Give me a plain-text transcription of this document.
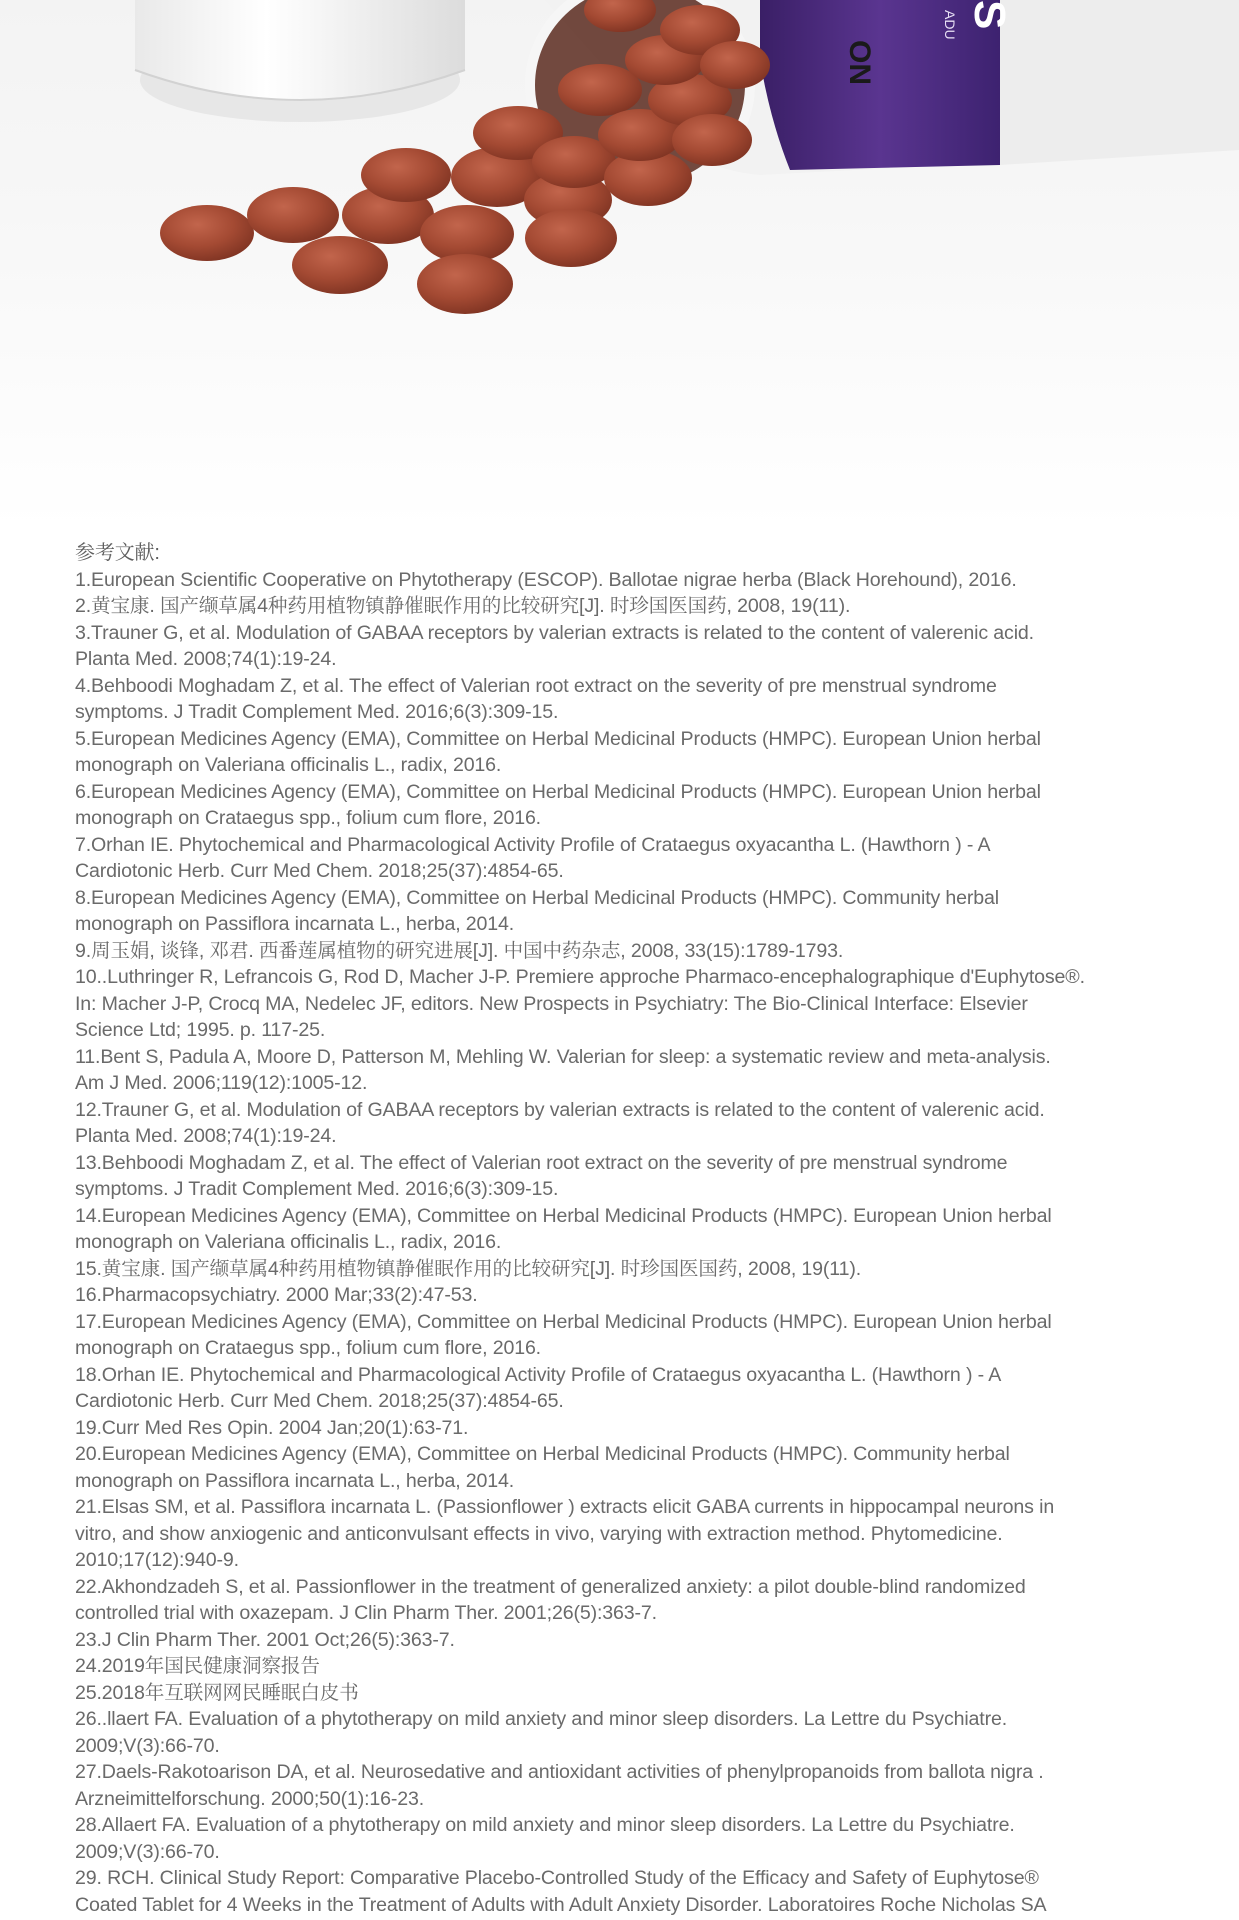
ON
ADU S
参考文献:
1.European Scientific Cooperative on Phytotherapy (ESCOP). Ballotae nigrae herba (Black Horehound), 2016.
2.黄宝康. 国产缬草属4种药用植物镇静催眠作用的比较研究[J]. 时珍国医国药, 2008, 19(11).
3.Trauner G, et al. Modulation of GABAA receptors by valerian extracts is related to the content of valerenic acid.
Planta Med. 2008;74(1):19-24.
4.Behboodi Moghadam Z, et al. The effect of Valerian root extract on the severity of pre menstrual syndrome
symptoms. J Tradit Complement Med. 2016;6(3):309-15.
5.European Medicines Agency (EMA), Committee on Herbal Medicinal Products (HMPC). European Union herbal
monograph on Valeriana officinalis L., radix, 2016.
6.European Medicines Agency (EMA), Committee on Herbal Medicinal Products (HMPC). European Union herbal
monograph on Crataegus spp., folium cum flore, 2016.
7.Orhan IE. Phytochemical and Pharmacological Activity Profile of Crataegus oxyacantha L. (Hawthorn ) - A
Cardiotonic Herb. Curr Med Chem. 2018;25(37):4854-65.
8.European Medicines Agency (EMA), Committee on Herbal Medicinal Products (HMPC). Community herbal
monograph on Passiflora incarnata L., herba, 2014.
9.周玉娟, 谈锋, 邓君. 西番莲属植物的研究进展[J]. 中国中药杂志, 2008, 33(15):1789-1793.
10..Luthringer R, Lefrancois G, Rod D, Macher J-P. Premiere approche Pharmaco-encephalographique d'Euphytose®.
In: Macher J-P, Crocq MA, Nedelec JF, editors. New Prospects in Psychiatry: The Bio-Clinical Interface: Elsevier
Science Ltd; 1995. p. 117-25.
11.Bent S, Padula A, Moore D, Patterson M, Mehling W. Valerian for sleep: a systematic review and meta-analysis.
Am J Med. 2006;119(12):1005-12.
12.Trauner G, et al. Modulation of GABAA receptors by valerian extracts is related to the content of valerenic acid.
Planta Med. 2008;74(1):19-24.
13.Behboodi Moghadam Z, et al. The effect of Valerian root extract on the severity of pre menstrual syndrome
symptoms. J Tradit Complement Med. 2016;6(3):309-15.
14.European Medicines Agency (EMA), Committee on Herbal Medicinal Products (HMPC). European Union herbal
monograph on Valeriana officinalis L., radix, 2016.
15.黄宝康. 国产缬草属4种药用植物镇静催眠作用的比较研究[J]. 时珍国医国药, 2008, 19(11).
16.Pharmacopsychiatry. 2000 Mar;33(2):47-53.
17.European Medicines Agency (EMA), Committee on Herbal Medicinal Products (HMPC). European Union herbal
monograph on Crataegus spp., folium cum flore, 2016.
18.Orhan IE. Phytochemical and Pharmacological Activity Profile of Crataegus oxyacantha L. (Hawthorn ) - A
Cardiotonic Herb. Curr Med Chem. 2018;25(37):4854-65.
19.Curr Med Res Opin. 2004 Jan;20(1):63-71.
20.European Medicines Agency (EMA), Committee on Herbal Medicinal Products (HMPC). Community herbal
monograph on Passiflora incarnata L., herba, 2014.
21.Elsas SM, et al. Passiflora incarnata L. (Passionflower ) extracts elicit GABA currents in hippocampal neurons in
vitro, and show anxiogenic and anticonvulsant effects in vivo, varying with extraction method. Phytomedicine.
2010;17(12):940-9.
22.Akhondzadeh S, et al. Passionflower in the treatment of generalized anxiety: a pilot double-blind randomized
controlled trial with oxazepam. J Clin Pharm Ther. 2001;26(5):363-7.
23.J Clin Pharm Ther. 2001 Oct;26(5):363-7.
24.2019年国民健康洞察报告
25.2018年互联网网民睡眠白皮书
26..llaert FA. Evaluation of a phytotherapy on mild anxiety and minor sleep disorders. La Lettre du Psychiatre.
2009;V(3):66-70.
27.Daels-Rakotoarison DA, et al. Neurosedative and antioxidant activities of phenylpropanoids from ballota nigra .
Arzneimittelforschung. 2000;50(1):16-23.
28.Allaert FA. Evaluation of a phytotherapy on mild anxiety and minor sleep disorders. La Lettre du Psychiatre.
2009;V(3):66-70.
29. RCH. Clinical Study Report: Comparative Placebo-Controlled Study of the Efficacy and Safety of Euphytose®
Coated Tablet for 4 Weeks in the Treatment of Adults with Adult Anxiety Disorder. Laboratoires Roche Nicholas SA
